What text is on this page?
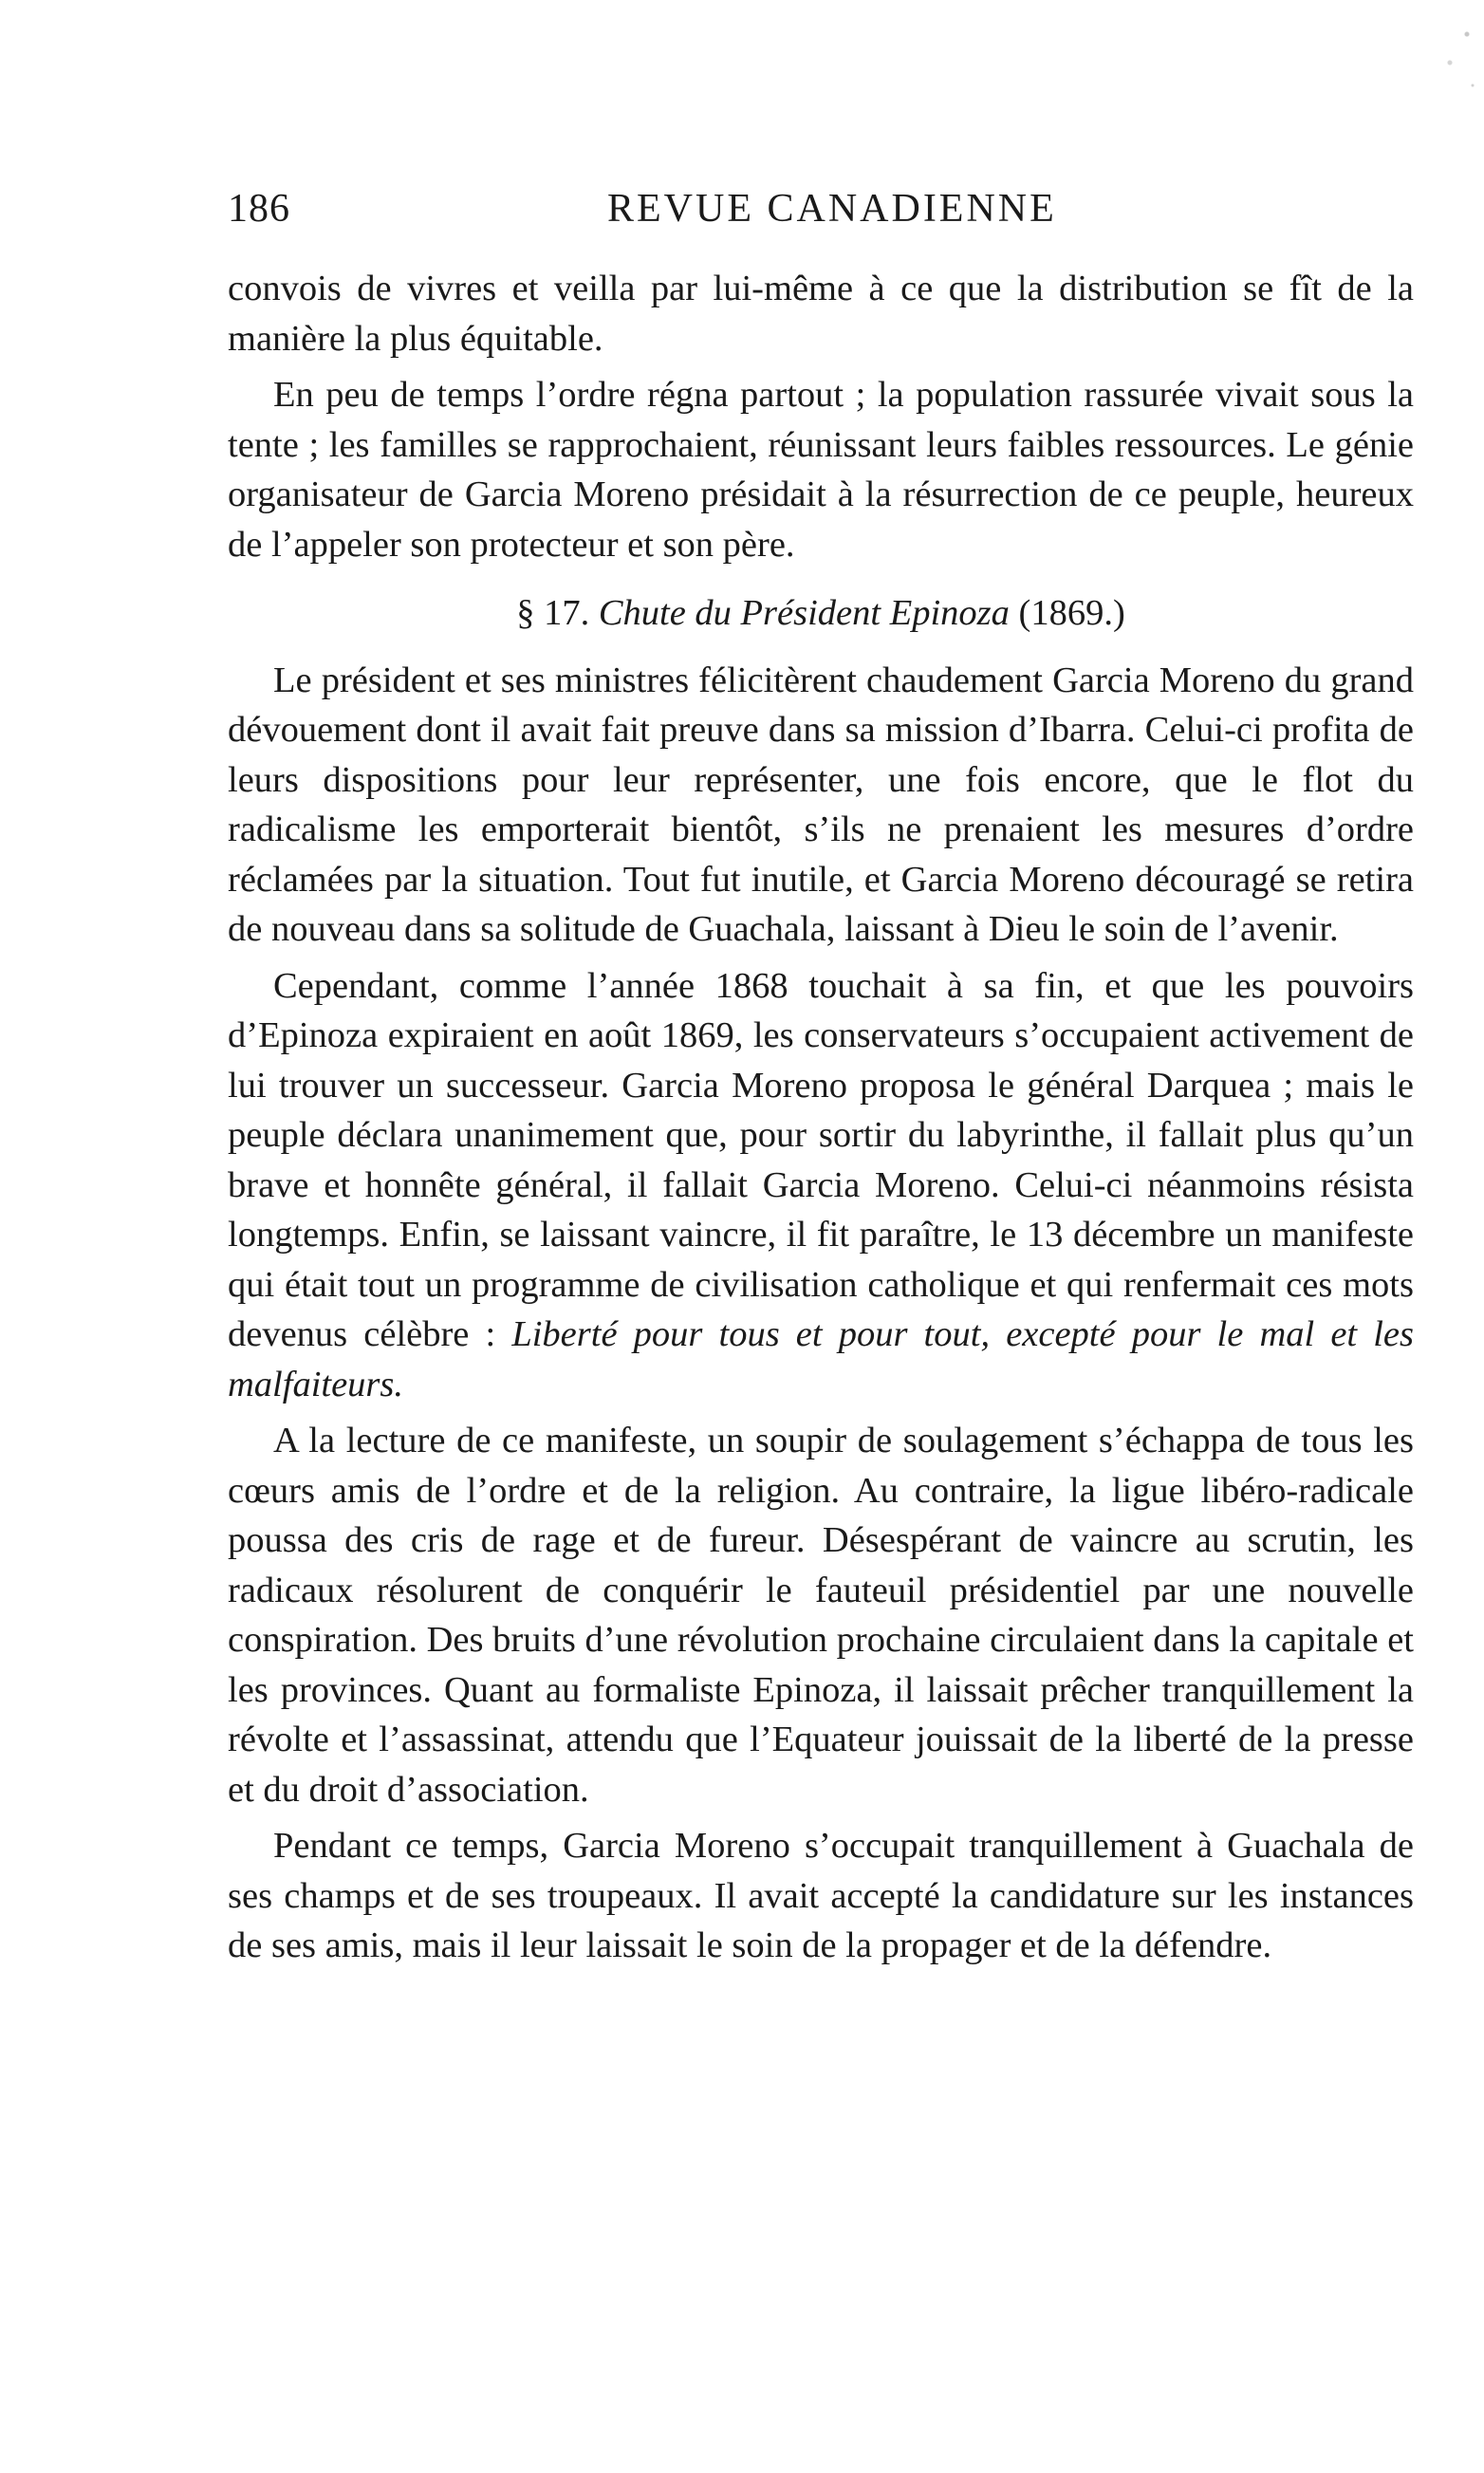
186	REVUE CANADIENNE

convois de vivres et veilla par lui-même à ce que la distribution se fît de la manière la plus équitable.

En peu de temps l’ordre régna partout ; la population rassurée vivait sous la tente ; les familles se rapprochaient, réunissant leurs faibles ressources. Le génie organisateur de Garcia Moreno présidait à la résurrection de ce peuple, heureux de l’appeler son protecteur et son père.

§ 17. Chute du Président Epinoza (1869.)

Le président et ses ministres félicitèrent chaudement Garcia Moreno du grand dévouement dont il avait fait preuve dans sa mission d’Ibarra. Celui-ci profita de leurs dispositions pour leur représenter, une fois encore, que le flot du radicalisme les emporterait bientôt, s’ils ne prenaient les mesures d’ordre réclamées par la situation. Tout fut inutile, et Garcia Moreno découragé se retira de nouveau dans sa solitude de Guachala, laissant à Dieu le soin de l’avenir.

Cependant, comme l’année 1868 touchait à sa fin, et que les pouvoirs d’Epinoza expiraient en août 1869, les conservateurs s’occupaient activement de lui trouver un successeur. Garcia Moreno proposa le général Darquea ; mais le peuple déclara unanimement que, pour sortir du labyrinthe, il fallait plus qu’un brave et honnête général, il fallait Garcia Moreno. Celui-ci néanmoins résista longtemps. Enfin, se laissant vaincre, il fit paraître, le 13 décembre un manifeste qui était tout un programme de civilisation catholique et qui renfermait ces mots devenus célèbre : Liberté pour tous et pour tout, excepté pour le mal et les malfaiteurs.

A la lecture de ce manifeste, un soupir de soulagement s’échappa de tous les cœurs amis de l’ordre et de la religion. Au contraire, la ligue libéro-radicale poussa des cris de rage et de fureur. Désespérant de vaincre au scrutin, les radicaux résolurent de conquérir le fauteuil présidentiel par une nouvelle conspiration. Des bruits d’une révolution prochaine circulaient dans la capitale et les provinces. Quant au formaliste Epinoza, il laissait prêcher tranquillement la révolte et l’assassinat, attendu que l’Equateur jouissait de la liberté de la presse et du droit d’association.

Pendant ce temps, Garcia Moreno s’occupait tranquillement à Guachala de ses champs et de ses troupeaux. Il avait accepté la candidature sur les instances de ses amis, mais il leur laissait le soin de la propager et de la défendre.
